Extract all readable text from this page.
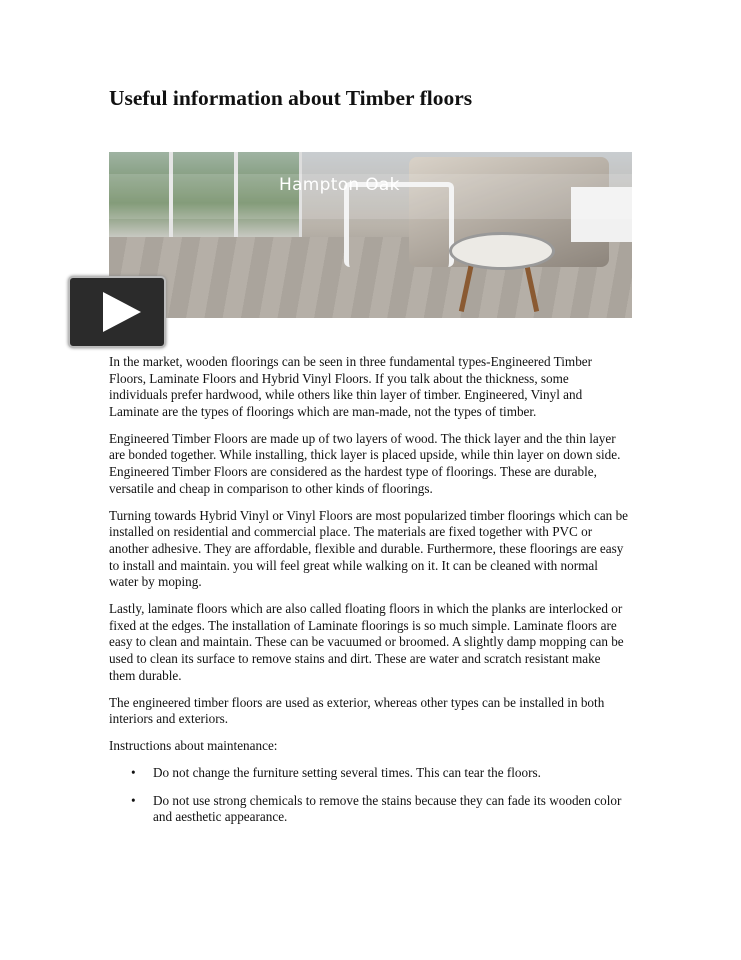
Useful information about Timber floors
Hampton Oak

In the market, wooden floorings can be seen in three fundamental types-Engineered Timber Floors, Laminate Floors and Hybrid Vinyl Floors. If you talk about the thickness, some individuals prefer hardwood, while others like thin layer of timber. Engineered, Vinyl and Laminate are the types of floorings which are man-made, not the types of timber.

Engineered Timber Floors are made up of two layers of wood. The thick layer and the thin layer are bonded together. While installing, thick layer is placed upside, while thin layer on down side. Engineered Timber Floors are considered as the hardest type of floorings. These are durable, versatile and cheap in comparison to other kinds of floorings.

Turning towards Hybrid Vinyl or Vinyl Floors are most popularized timber floorings which can be installed on residential and commercial place. The materials are fixed together with PVC or another adhesive. They are affordable, flexible and durable. Furthermore, these floorings are easy to install and maintain. you will feel great while walking on it. It can be cleaned with normal water by moping.

Lastly, laminate floors which are also called floating floors in which the planks are interlocked or fixed at the edges. The installation of Laminate floorings is so much simple. Laminate floors are easy to clean and maintain. These can be vacuumed or broomed. A slightly damp mopping can be used to clean its surface to remove stains and dirt. These are water and scratch resistant make them durable.

The engineered timber floors are used as exterior, whereas other types can be installed in both interiors and exteriors.

Instructions about maintenance:

• Do not change the furniture setting several times. This can tear the floors.
• Do not use strong chemicals to remove the stains because they can fade its wooden color and aesthetic appearance.
